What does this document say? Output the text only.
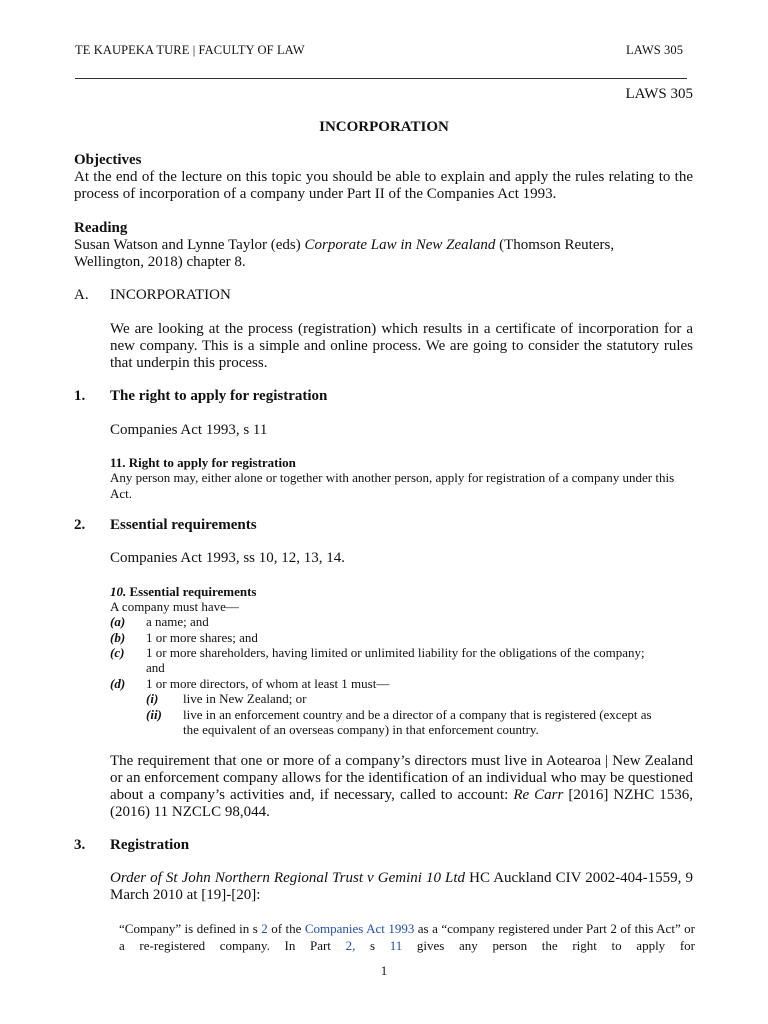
TE KAUPEKA TURE | FACULTY OF LAW	LAWS 305
LAWS 305
INCORPORATION
Objectives
At the end of the lecture on this topic you should be able to explain and apply the rules relating to the process of incorporation of a company under Part II of the Companies Act 1993.
Reading
Susan Watson and Lynne Taylor (eds) Corporate Law in New Zealand (Thomson Reuters, Wellington, 2018) chapter 8.
A. INCORPORATION
We are looking at the process (registration) which results in a certificate of incorporation for a new company. This is a simple and online process. We are going to consider the statutory rules that underpin this process.
1. The right to apply for registration
Companies Act 1993, s 11
11. Right to apply for registration
Any person may, either alone or together with another person, apply for registration of a company under this Act.
2. Essential requirements
Companies Act 1993, ss 10, 12, 13, 14.
10. Essential requirements
A company must have—
(a) a name; and
(b) 1 or more shares; and
(c) 1 or more shareholders, having limited or unlimited liability for the obligations of the company;
and
(d) 1 or more directors, of whom at least 1 must—
(i) live in New Zealand; or
(ii) live in an enforcement country and be a director of a company that is registered (except as
the equivalent of an overseas company) in that enforcement country.
The requirement that one or more of a company’s directors must live in Aotearoa | New Zealand or an enforcement company allows for the identification of an individual who may be questioned about a company’s activities and, if necessary, called to account: Re Carr [2016] NZHC 1536, (2016) 11 NZCLC 98,044.
3. Registration
Order of St John Northern Regional Trust v Gemini 10 Ltd HC Auckland CIV 2002-404-1559, 9 March 2010 at [19]-[20]:
“Company” is defined in s 2 of the Companies Act 1993 as a “company registered under Part 2 of this Act” or a re-registered company. In Part 2, s 11 gives any person the right to apply for
1
